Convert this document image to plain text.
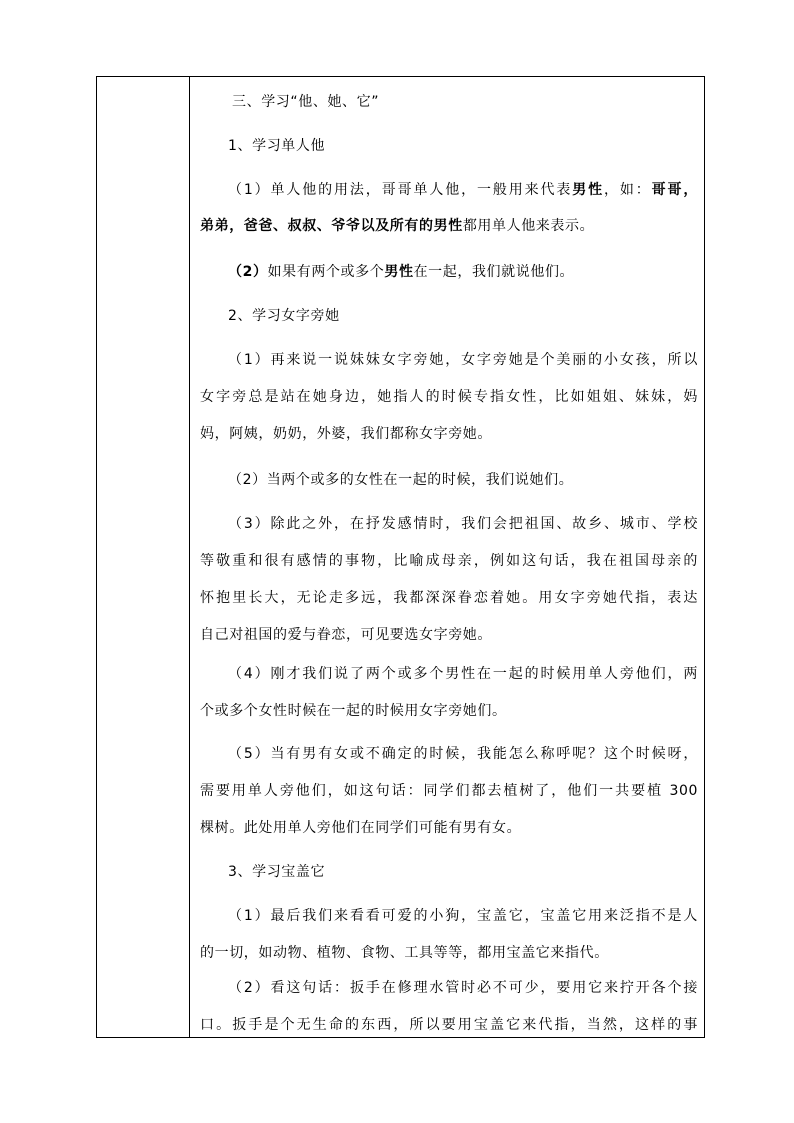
三、学习“他、她、它”
1、学习单人他
（1）单人他的用法，哥哥单人他，一般用来代表男性，如：哥哥，
弟弟，爸爸、叔叔、爷爷以及所有的男性都用单人他来表示。
（2）如果有两个或多个男性在一起，我们就说他们。
2、学习女字旁她
（1）再来说一说妹妹女字旁她，女字旁她是个美丽的小女孩，所以
女字旁总是站在她身边，她指人的时候专指女性，比如姐姐、妹妹，妈
妈，阿姨，奶奶，外婆，我们都称女字旁她。
（2）当两个或多的女性在一起的时候，我们说她们。
（3）除此之外，在抒发感情时，我们会把祖国、故乡、城市、学校
等敬重和很有感情的事物，比喻成母亲，例如这句话，我在祖国母亲的
怀抱里长大，无论走多远，我都深深眷恋着她。用女字旁她代指，表达
自己对祖国的爱与眷恋，可见要选女字旁她。
（4）刚才我们说了两个或多个男性在一起的时候用单人旁他们，两
个或多个女性时候在一起的时候用女字旁她们。
（5）当有男有女或不确定的时候，我能怎么称呼呢？这个时候呀，
需要用单人旁他们，如这句话：同学们都去植树了，他们一共要植 300
棵树。此处用单人旁他们在同学们可能有男有女。
3、学习宝盖它
（1）最后我们来看看可爱的小狗，宝盖它，宝盖它用来泛指不是人
的一切，如动物、植物、食物、工具等等，都用宝盖它来指代。
（2）看这句话：扳手在修理水管时必不可少，要用它来拧开各个接
口。扳手是个无生命的东西，所以要用宝盖它来代指，当然，这样的事
